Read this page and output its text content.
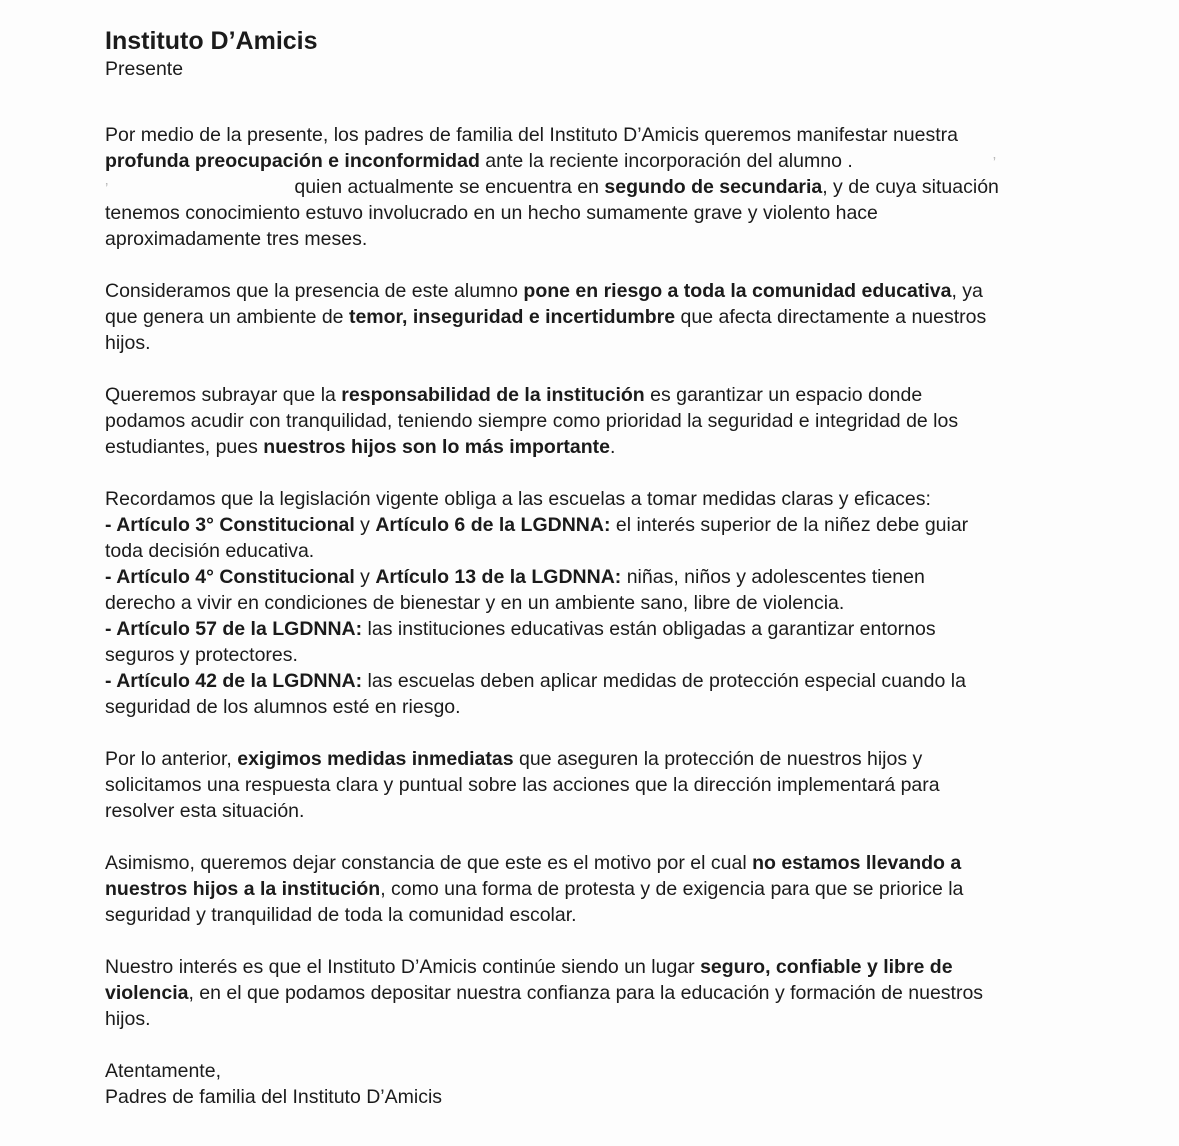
Instituto D’Amicis
Presente
Por medio de la presente, los padres de familia del Instituto D’Amicis queremos manifestar nuestra
profunda preocupación e inconformidad ante la reciente incorporación del alumno .	’
’	quien actualmente se encuentra en segundo de secundaria, y de cuya situación
tenemos conocimiento estuvo involucrado en un hecho sumamente grave y violento hace
aproximadamente tres meses.
Consideramos que la presencia de este alumno pone en riesgo a toda la comunidad educativa, ya
que genera un ambiente de temor, inseguridad e incertidumbre que afecta directamente a nuestros
hijos.
Queremos subrayar que la responsabilidad de la institución es garantizar un espacio donde
podamos acudir con tranquilidad, teniendo siempre como prioridad la seguridad e integridad de los
estudiantes, pues nuestros hijos son lo más importante.
Recordamos que la legislación vigente obliga a las escuelas a tomar medidas claras y eficaces:
- Artículo 3° Constitucional y Artículo 6 de la LGDNNA: el interés superior de la niñez debe guiar
toda decisión educativa.
- Artículo 4° Constitucional y Artículo 13 de la LGDNNA: niñas, niños y adolescentes tienen
derecho a vivir en condiciones de bienestar y en un ambiente sano, libre de violencia.
- Artículo 57 de la LGDNNA: las instituciones educativas están obligadas a garantizar entornos
seguros y protectores.
- Artículo 42 de la LGDNNA: las escuelas deben aplicar medidas de protección especial cuando la
seguridad de los alumnos esté en riesgo.
Por lo anterior, exigimos medidas inmediatas que aseguren la protección de nuestros hijos y
solicitamos una respuesta clara y puntual sobre las acciones que la dirección implementará para
resolver esta situación.
Asimismo, queremos dejar constancia de que este es el motivo por el cual no estamos llevando a
nuestros hijos a la institución, como una forma de protesta y de exigencia para que se priorice la
seguridad y tranquilidad de toda la comunidad escolar.
Nuestro interés es que el Instituto D’Amicis continúe siendo un lugar seguro, confiable y libre de
violencia, en el que podamos depositar nuestra confianza para la educación y formación de nuestros
hijos.
Atentamente,
Padres de familia del Instituto D’Amicis
